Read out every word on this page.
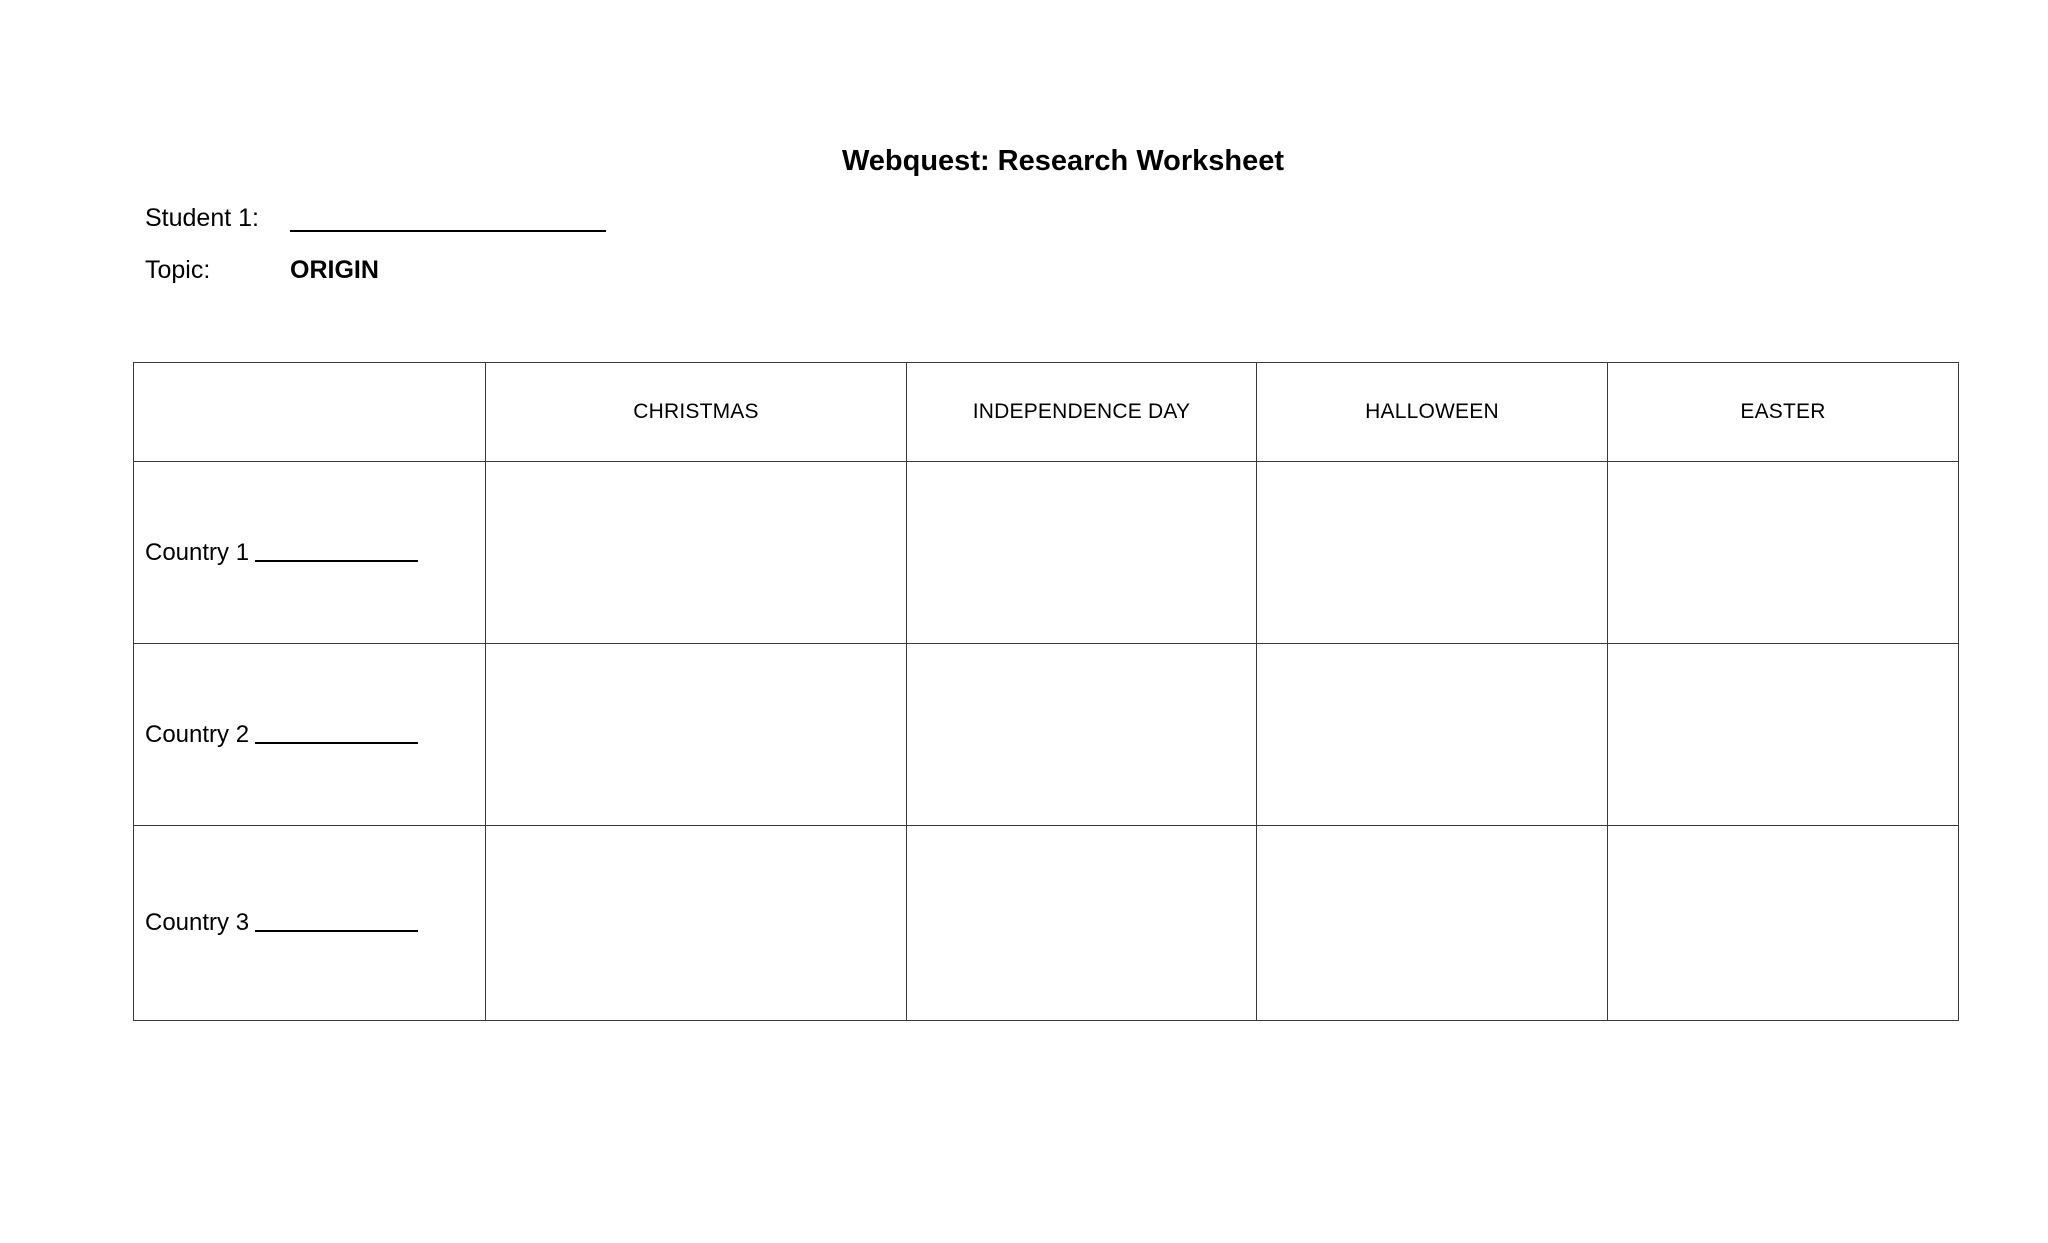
Webquest: Research Worksheet
Student 1:
Topic:	ORIGIN
	CHRISTMAS	INDEPENDENCE DAY	HALLOWEEN	EASTER
Country 1				
Country 2				
Country 3				
